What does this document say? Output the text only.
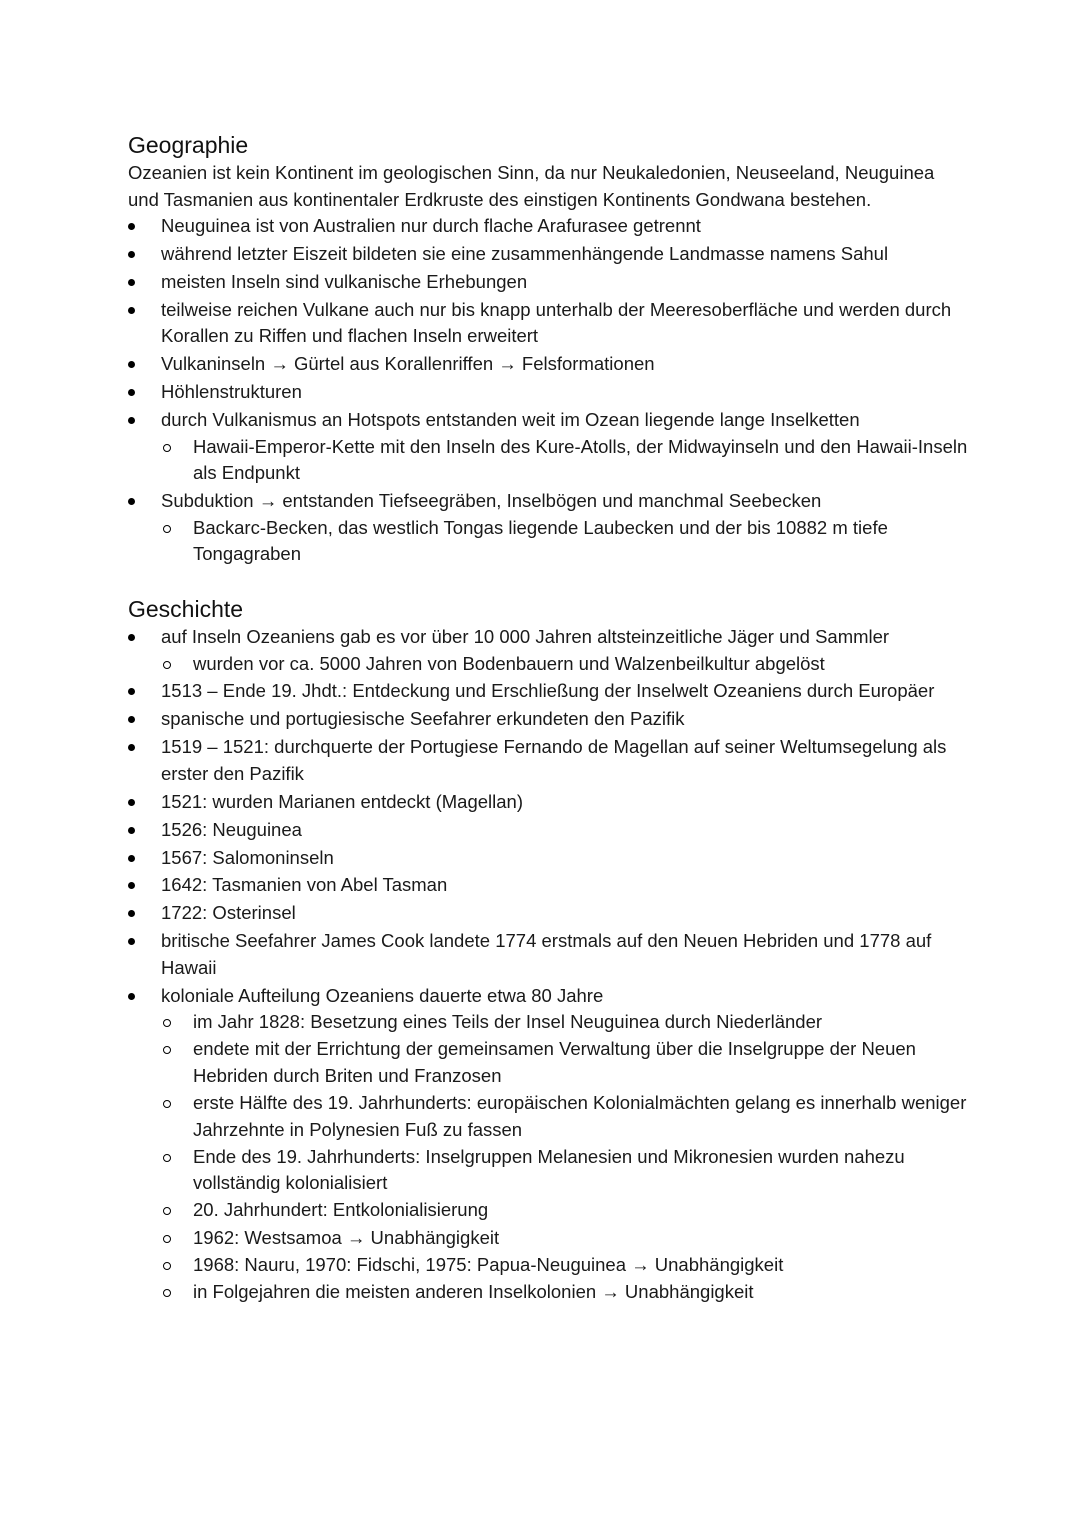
Geographie

Ozeanien ist kein Kontinent im geologischen Sinn, da nur Neukaledonien, Neuseeland, Neuguinea und Tasmanien aus kontinentaler Erdkruste des einstigen Kontinents Gondwana bestehen.

Neuguinea ist von Australien nur durch flache Arafurasee getrennt
während letzter Eiszeit bildeten sie eine zusammenhängende Landmasse namens Sahul
meisten Inseln sind vulkanische Erhebungen
teilweise reichen Vulkane auch nur bis knapp unterhalb der Meeresoberfläche und werden durch Korallen zu Riffen und flachen Inseln erweitert
Vulkaninseln → Gürtel aus Korallenriffen → Felsformationen
Höhlenstrukturen
durch Vulkanismus an Hotspots entstanden weit im Ozean liegende lange Inselketten
Hawaii-Emperor-Kette mit den Inseln des Kure-Atolls, der Midwayinseln und den Hawaii-Inseln als Endpunkt
Subduktion → entstanden Tiefseegräben, Inselbögen und manchmal Seebecken
Backarc-Becken, das westlich Tongas liegende Laubecken und der bis 10882 m tiefe Tongagraben
Geschichte
auf Inseln Ozeaniens gab es vor über 10 000 Jahren altsteinzeitliche Jäger und Sammler
wurden vor ca. 5000 Jahren von Bodenbauern und Walzenbeilkultur abgelöst
1513 – Ende 19. Jhdt.: Entdeckung und Erschließung der Inselwelt Ozeaniens durch Europäer
spanische und portugiesische Seefahrer erkundeten den Pazifik
1519 – 1521: durchquerte der Portugiese Fernando de Magellan auf seiner Weltumsegelung als erster den Pazifik
1521: wurden Marianen entdeckt (Magellan)
1526: Neuguinea
1567: Salomoninseln
1642: Tasmanien von Abel Tasman
1722: Osterinsel
britische Seefahrer James Cook landete 1774 erstmals auf den Neuen Hebriden und 1778 auf Hawaii
koloniale Aufteilung Ozeaniens dauerte etwa 80 Jahre
im Jahr 1828: Besetzung eines Teils der Insel Neuguinea durch Niederländer
endete mit der Errichtung der gemeinsamen Verwaltung über die Inselgruppe der Neuen Hebriden durch Briten und Franzosen
erste Hälfte des 19. Jahrhunderts: europäischen Kolonialmächten gelang es innerhalb weniger Jahrzehnte in Polynesien Fuß zu fassen
Ende des 19. Jahrhunderts: Inselgruppen Melanesien und Mikronesien wurden nahezu vollständig kolonialisiert
20. Jahrhundert: Entkolonialisierung
1962: Westsamoa → Unabhängigkeit
1968: Nauru, 1970: Fidschi, 1975: Papua-Neuguinea → Unabhängigkeit
in Folgejahren die meisten anderen Inselkolonien → Unabhängigkeit
